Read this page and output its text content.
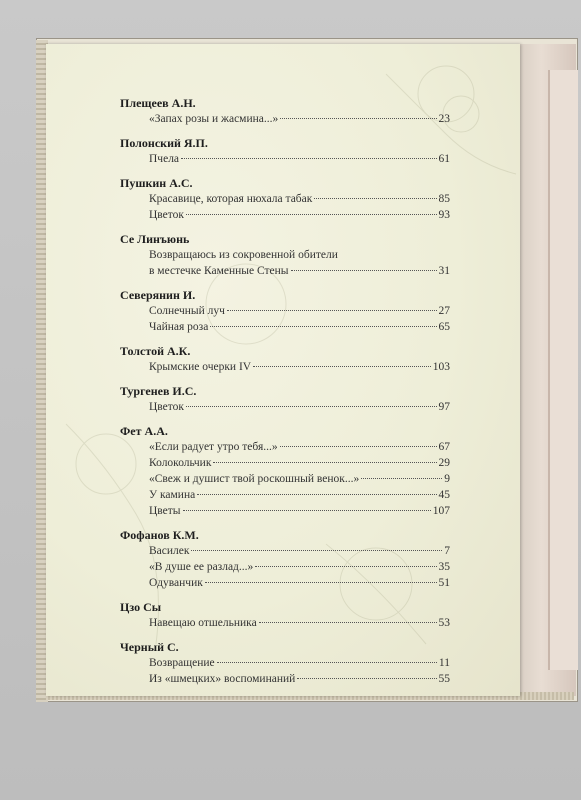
Плещеев А.Н.
«Запах розы и жасмина...»	23
Полонский Я.П.
Пчела	61
Пушкин А.С.
Красавице, которая нюхала табак	85
Цветок	93
Се Линъюнь
Возвращаюсь из сокровенной обители
в местечке Каменные Стены	31
Северянин И.
Солнечный луч	27
Чайная роза	65
Толстой А.К.
Крымские очерки IV	103
Тургенев И.С.
Цветок	97
Фет А.А.
«Если радует утро тебя...»	67
Колокольчик	29
«Свеж и душист твой роскошный венок...»	9
У камина	45
Цветы	107
Фофанов К.М.
Василек	7
«В душе ее разлад...»	35
Одуванчик	51
Цзо Сы
Навещаю отшельника	53
Черный С.
Возвращение	11
Из «шмецких» воспоминаний	55
